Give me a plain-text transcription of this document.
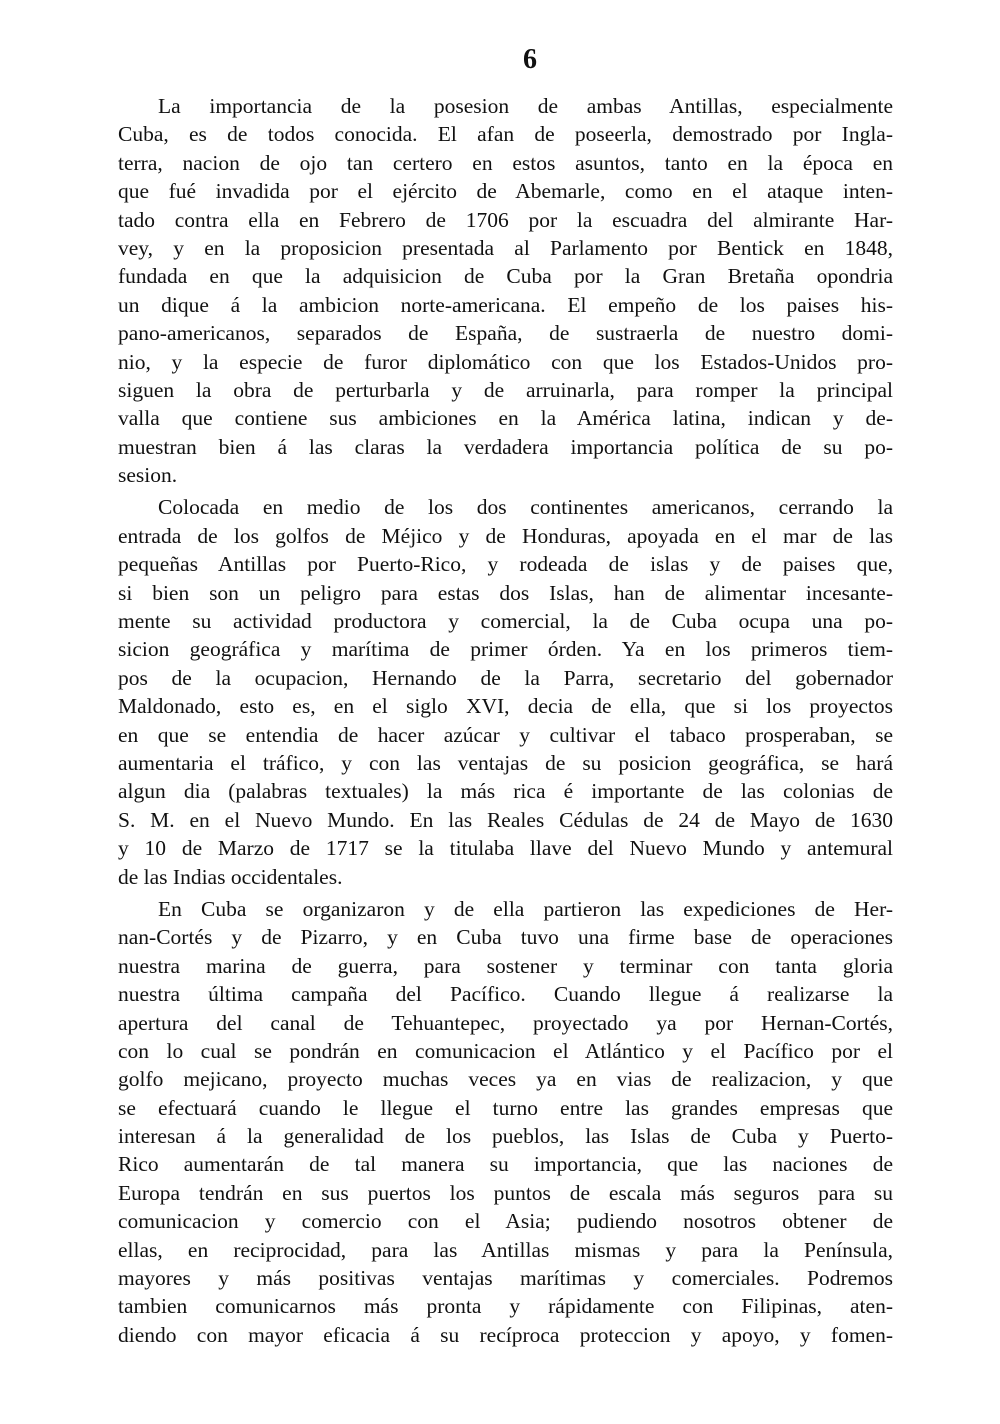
6
La importancia de la posesion de ambas Antillas, especialmente
Cuba, es de todos conocida. El afan de poseerla, demostrado por Ingla-
terra, nacion de ojo tan certero en estos asuntos, tanto en la época en
que fué invadida por el ejército de Abemarle, como en el ataque inten-
tado contra ella en Febrero de 1706 por la escuadra del almirante Har-
vey, y en la proposicion presentada al Parlamento por Bentick en 1848,
fundada en que la adquisicion de Cuba por la Gran Bretaña opondria
un dique á la ambicion norte-americana. El empeño de los paises his-
pano-americanos, separados de España, de sustraerla de nuestro domi-
nio, y la especie de furor diplomático con que los Estados-Unidos pro-
siguen la obra de perturbarla y de arruinarla, para romper la principal
valla que contiene sus ambiciones en la América latina, indican y de-
muestran bien á las claras la verdadera importancia política de su po-
sesion.
Colocada en medio de los dos continentes americanos, cerrando la
entrada de los golfos de Méjico y de Honduras, apoyada en el mar de las
pequeñas Antillas por Puerto-Rico, y rodeada de islas y de paises que,
si bien son un peligro para estas dos Islas, han de alimentar incesante-
mente su actividad productora y comercial, la de Cuba ocupa una po-
sicion geográfica y marítima de primer órden. Ya en los primeros tiem-
pos de la ocupacion, Hernando de la Parra, secretario del gobernador
Maldonado, esto es, en el siglo XVI, decia de ella, que si los proyectos
en que se entendia de hacer azúcar y cultivar el tabaco prosperaban, se
aumentaria el tráfico, y con las ventajas de su posicion geográfica, se hará
algun dia (palabras textuales) la más rica é importante de las colonias de
S. M. en el Nuevo Mundo. En las Reales Cédulas de 24 de Mayo de 1630
y 10 de Marzo de 1717 se la titulaba llave del Nuevo Mundo y antemural
de las Indias occidentales.
En Cuba se organizaron y de ella partieron las expediciones de Her-
nan-Cortés y de Pizarro, y en Cuba tuvo una firme base de operaciones
nuestra marina de guerra, para sostener y terminar con tanta gloria
nuestra última campaña del Pacífico. Cuando llegue á realizarse la
apertura del canal de Tehuantepec, proyectado ya por Hernan-Cortés,
con lo cual se pondrán en comunicacion el Atlántico y el Pacífico por el
golfo mejicano, proyecto muchas veces ya en vias de realizacion, y que
se efectuará cuando le llegue el turno entre las grandes empresas que
interesan á la generalidad de los pueblos, las Islas de Cuba y Puerto-
Rico aumentarán de tal manera su importancia, que las naciones de
Europa tendrán en sus puertos los puntos de escala más seguros para su
comunicacion y comercio con el Asia; pudiendo nosotros obtener de
ellas, en reciprocidad, para las Antillas mismas y para la Península,
mayores y más positivas ventajas marítimas y comerciales. Podremos
tambien comunicarnos más pronta y rápidamente con Filipinas, aten-
diendo con mayor eficacia á su recíproca proteccion y apoyo, y fomen-
